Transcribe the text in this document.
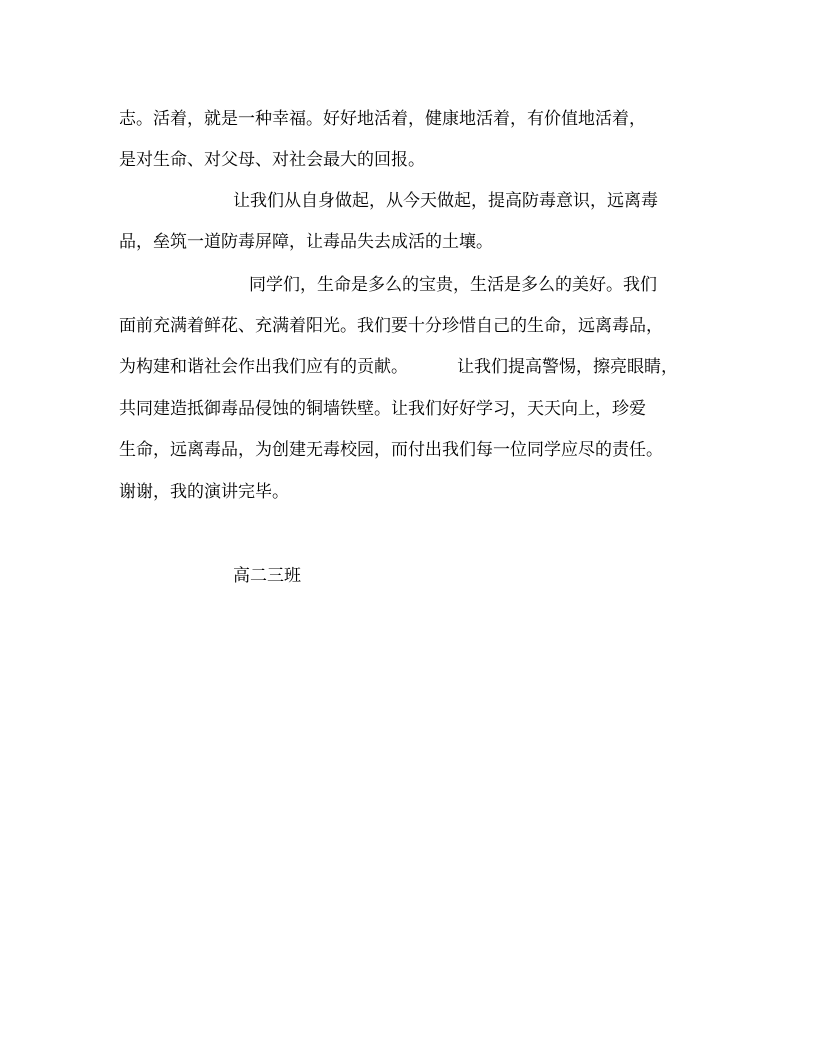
志。活着，就是一种幸福。好好地活着，健康地活着，有价值地活着，
是对生命、对父母、对社会最大的回报。
让我们从自身做起，从今天做起，提高防毒意识，远离毒
品，垒筑一道防毒屏障，让毒品失去成活的土壤。
同学们，生命是多么的宝贵，生活是多么的美好。我们
面前充满着鲜花、充满着阳光。我们要十分珍惜自己的生命，远离毒品，
为构建和谐社会作出我们应有的贡献。	让我们提高警惕，擦亮眼睛，
共同建造抵御毒品侵蚀的铜墙铁壁。让我们好好学习，天天向上，珍爱
生命，远离毒品，为创建无毒校园，而付出我们每一位同学应尽的责任。
谢谢，我的演讲完毕。
高二三班
